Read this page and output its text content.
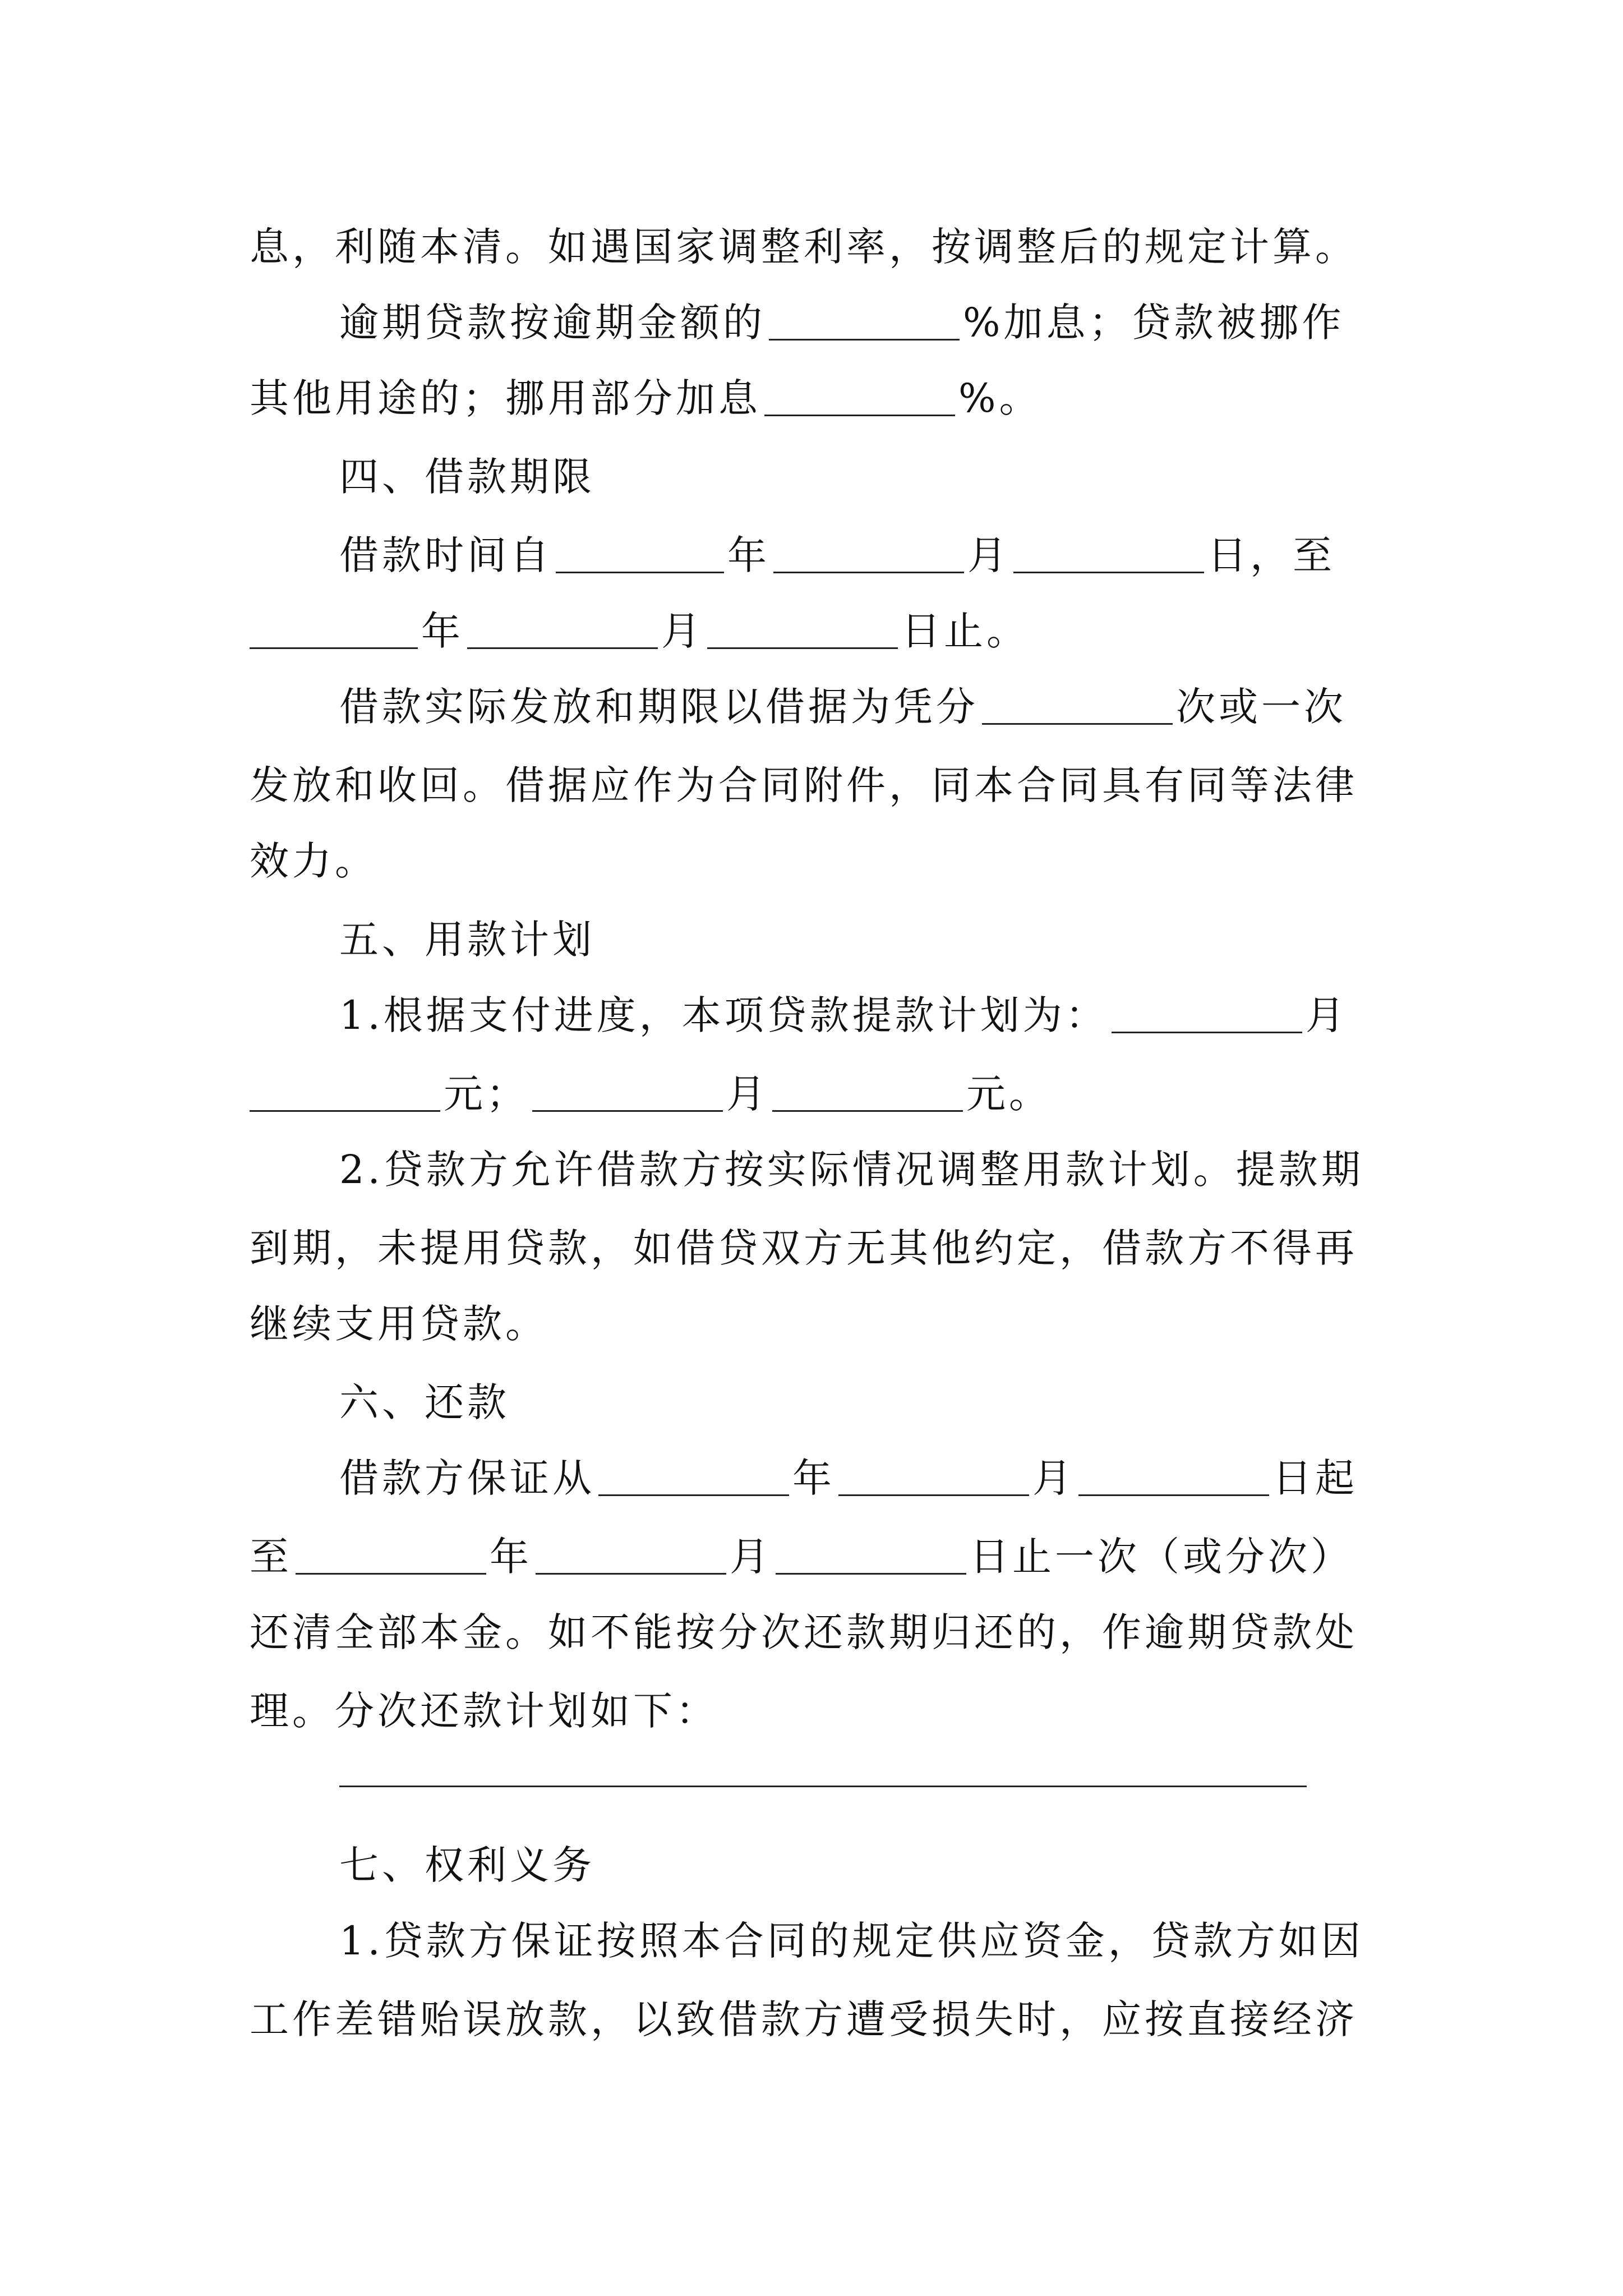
息，利随本清。如遇国家调整利率，按调整后的规定计算。
逾期贷款按逾期金额的	%加息；贷款被挪作
其他用途的；挪用部分加息	%。
四、借款期限
借款时间自	年	月	日，至
年	月	日止。
借款实际发放和期限以借据为凭分	次或一次
发放和收回。借据应作为合同附件，同本合同具有同等法律
效力。
五、用款计划
1.根据支付进度，本项贷款提款计划为：	月
元；	月	元。
2.贷款方允许借款方按实际情况调整用款计划。提款期
到期，未提用贷款，如借贷双方无其他约定，借款方不得再
继续支用贷款。
六、还款
借款方保证从	年	月	日起
至	年	月	日止一次（或分次）
还清全部本金。如不能按分次还款期归还的，作逾期贷款处
理。分次还款计划如下：
七、权利义务
1.贷款方保证按照本合同的规定供应资金，贷款方如因
工作差错贻误放款，以致借款方遭受损失时，应按直接经济
